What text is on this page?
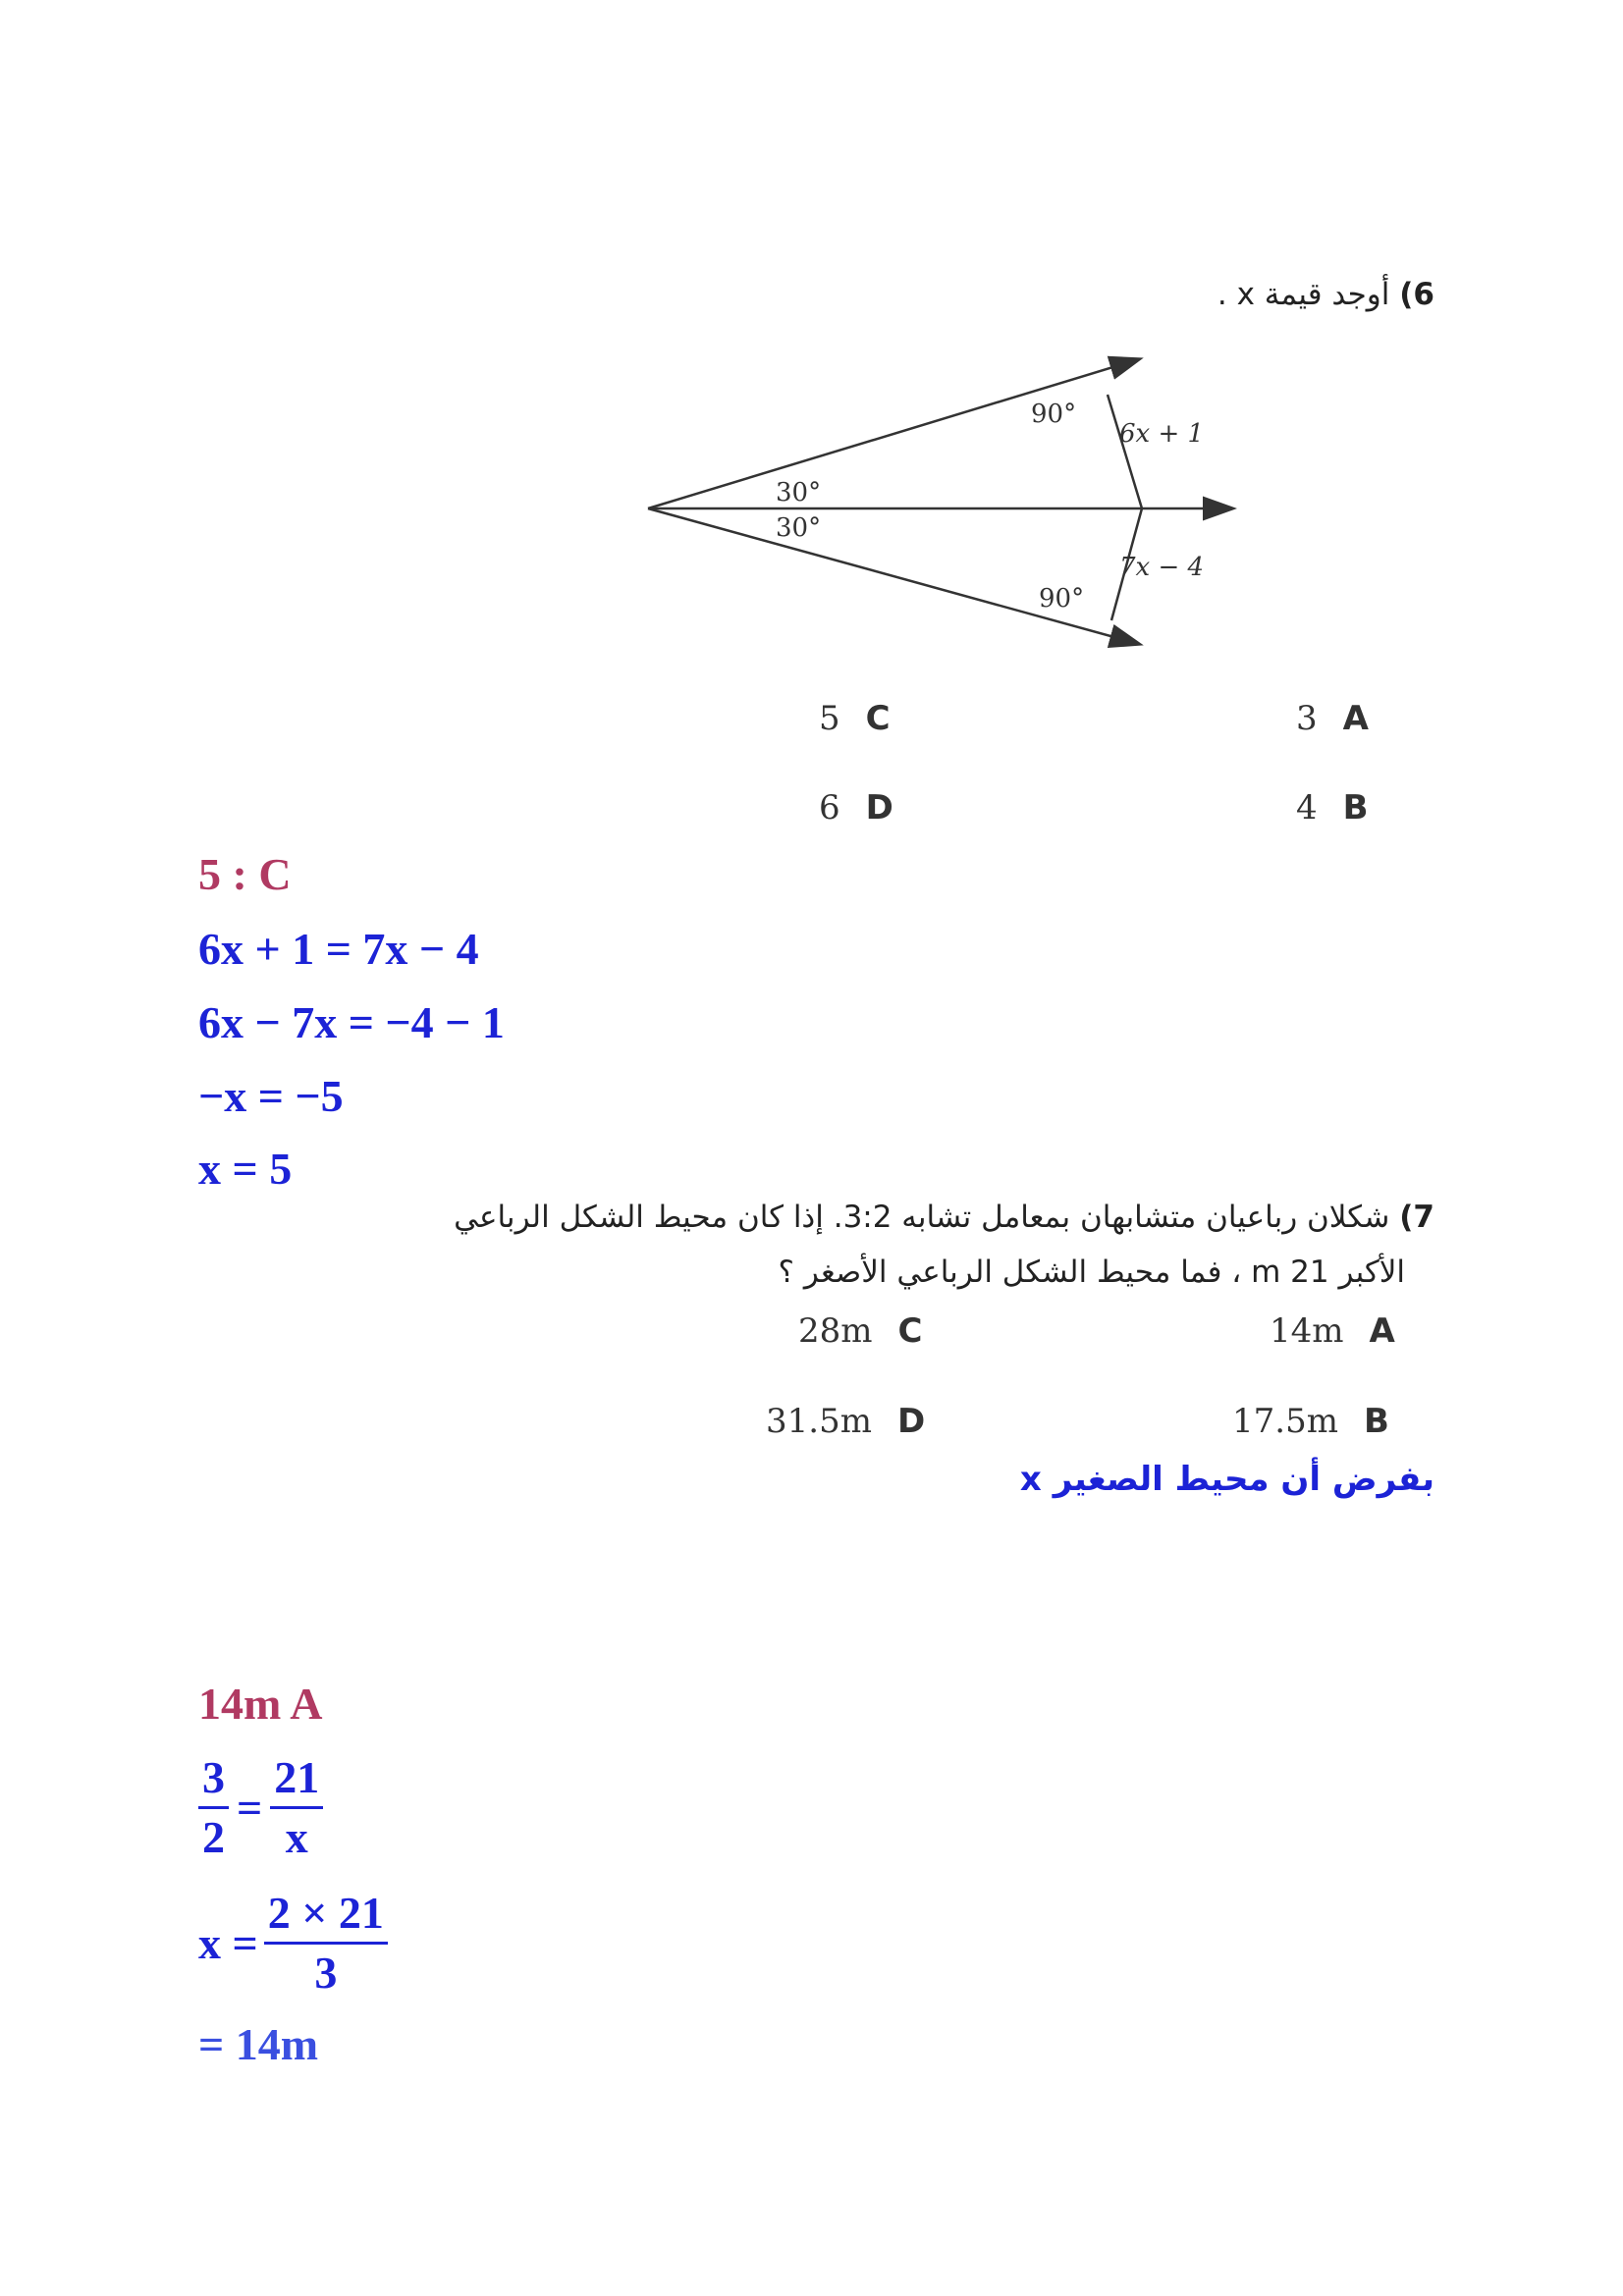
6) أوجد قيمة x .
30°
30°
90°
90°
6x + 1
7x − 4
3 A
4 B
5 C
6 D
5 : C
6x + 1 = 7x − 4
6x − 7x = −4 − 1
−x = −5
x = 5
7) شكلان رباعيان متشابهان بمعامل تشابه 3:2. إذا كان محيط الشكل الرباعي
الأكبر 21 m ، فما محيط الشكل الرباعي الأصغر ؟
14m A
17.5m B
28m C
31.5m D
بفرض أن محيط الصغير x
14m A
$\frac{3}{2} = \frac{21}{x}$
$x = \frac{2 \times 21}{3}$
= 14m
